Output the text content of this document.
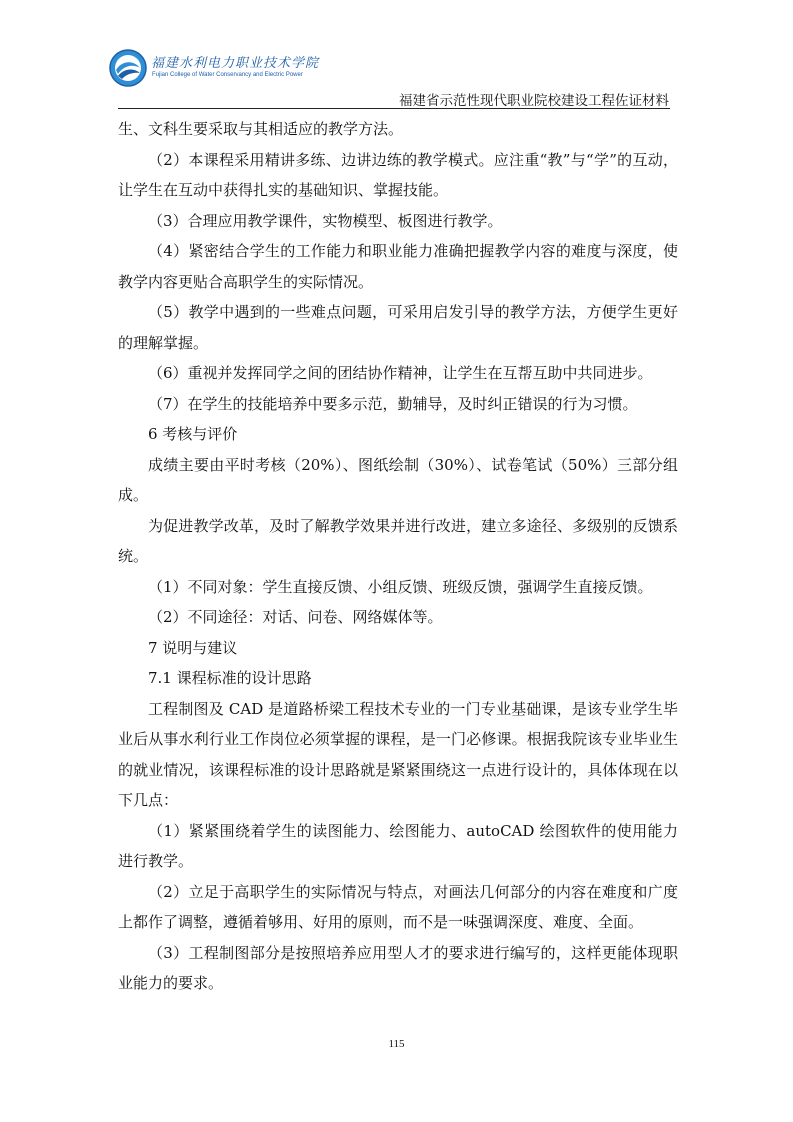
福建水利电力职业技术学院
Fujian College of Water Conservancy and Electric Power
福建省示范性现代职业院校建设工程佐证材料

生、文科生要采取与其相适应的教学方法。

（2）本课程采用精讲多练、边讲边练的教学模式。应注重“教”与“学”的互动，让学生在互动中获得扎实的基础知识、掌握技能。

（3）合理应用教学课件，实物模型、板图进行教学。

（4）紧密结合学生的工作能力和职业能力准确把握教学内容的难度与深度，使教学内容更贴合高职学生的实际情况。

（5）教学中遇到的一些难点问题，可采用启发引导的教学方法，方便学生更好的理解掌握。

（6）重视并发挥同学之间的团结协作精神，让学生在互帮互助中共同进步。

（7）在学生的技能培养中要多示范，勤辅导，及时纠正错误的行为习惯。

6 考核与评价

成绩主要由平时考核（20%）、图纸绘制（30%）、试卷笔试（50%）三部分组成。

为促进教学改革，及时了解教学效果并进行改进，建立多途径、多级别的反馈系统。

（1）不同对象：学生直接反馈、小组反馈、班级反馈，强调学生直接反馈。

（2）不同途径：对话、问卷、网络媒体等。

7 说明与建议

7.1 课程标准的设计思路

工程制图及 CAD 是道路桥梁工程技术专业的一门专业基础课，是该专业学生毕业后从事水利行业工作岗位必须掌握的课程，是一门必修课。根据我院该专业毕业生的就业情况，该课程标准的设计思路就是紧紧围绕这一点进行设计的，具体体现在以下几点：

（1）紧紧围绕着学生的读图能力、绘图能力、autoCAD 绘图软件的使用能力进行教学。

（2）立足于高职学生的实际情况与特点，对画法几何部分的内容在难度和广度上都作了调整，遵循着够用、好用的原则，而不是一味强调深度、难度、全面。

（3）工程制图部分是按照培养应用型人才的要求进行编写的，这样更能体现职业能力的要求。

115
